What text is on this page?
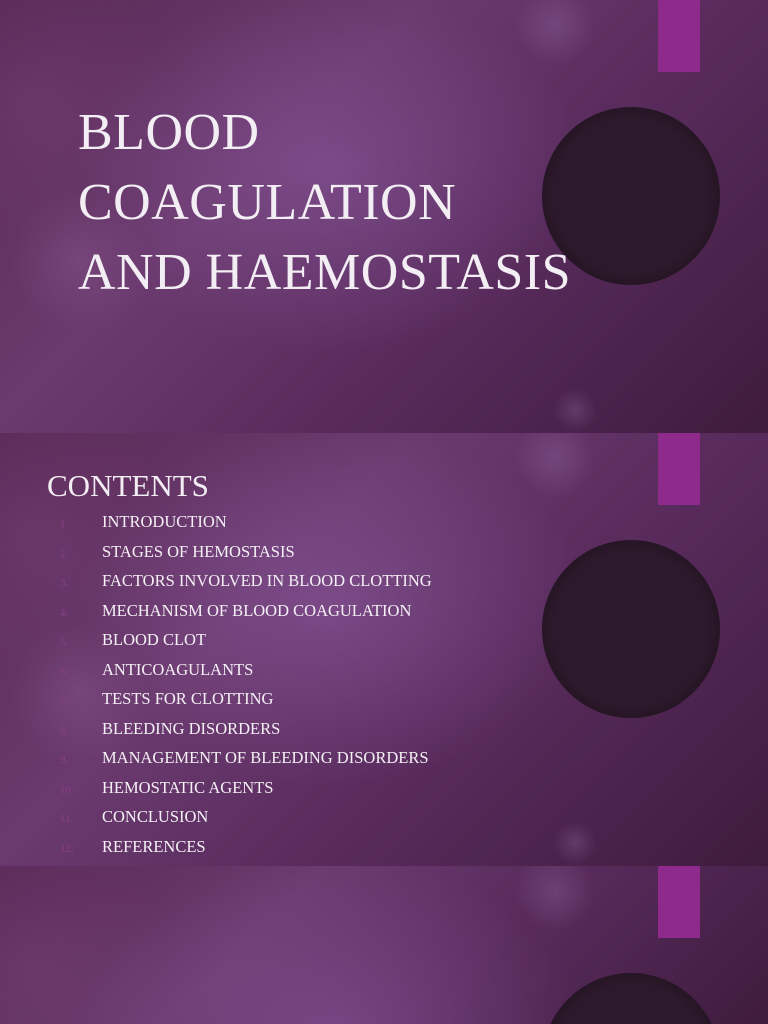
BLOOD
COAGULATION
AND HAEMOSTASIS
CONTENTS
1. INTRODUCTION
2. STAGES OF HEMOSTASIS
3. FACTORS INVOLVED IN BLOOD CLOTTING
4. MECHANISM OF BLOOD COAGULATION
5. BLOOD CLOT
6. ANTICOAGULANTS
7. TESTS FOR CLOTTING
8. BLEEDING DISORDERS
9. MANAGEMENT OF BLEEDING DISORDERS
10. HEMOSTATIC AGENTS
11. CONCLUSION
12. REFERENCES
